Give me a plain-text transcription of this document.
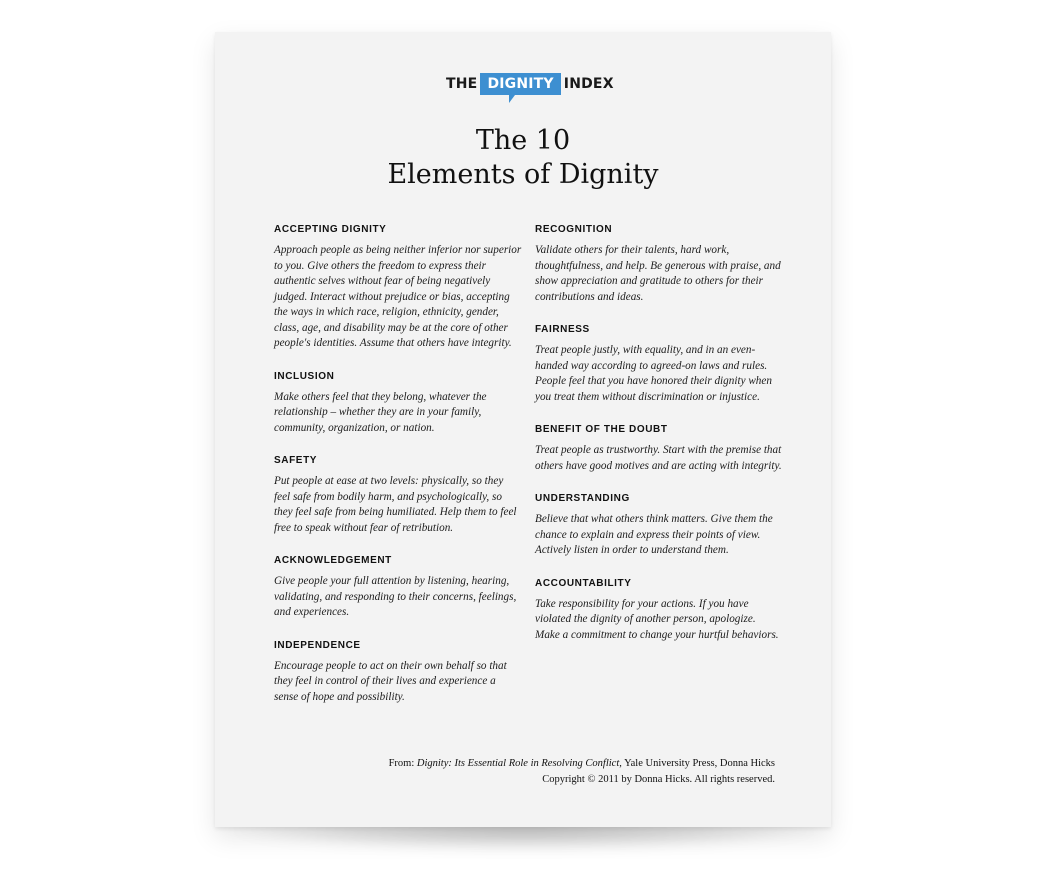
THE DIGNITY INDEX
The 10
Elements of Dignity
ACCEPTING DIGNITY

Approach people as being neither inferior nor superior to you. Give others the freedom to express their authentic selves without fear of being negatively judged. Interact without prejudice or bias, accepting the ways in which race, religion, ethnicity, gender, class, age, and disability may be at the core of other people's identities. Assume that others have integrity.

INCLUSION

Make others feel that they belong, whatever the relationship – whether they are in your family, community, organization, or nation.

SAFETY

Put people at ease at two levels: physically, so they feel safe from bodily harm, and psychologically, so they feel safe from being humiliated. Help them to feel free to speak without fear of retribution.

ACKNOWLEDGEMENT

Give people your full attention by listening, hearing, validating, and responding to their concerns, feelings, and experiences.

INDEPENDENCE

Encourage people to act on their own behalf so that they feel in control of their lives and experience a sense of hope and possibility.

RECOGNITION

Validate others for their talents, hard work, thoughtfulness, and help. Be generous with praise, and show appreciation and gratitude to others for their contributions and ideas.

FAIRNESS

Treat people justly, with equality, and in an even-handed way according to agreed-on laws and rules. People feel that you have honored their dignity when you treat them without discrimination or injustice.

BENEFIT OF THE DOUBT

Treat people as trustworthy. Start with the premise that others have good motives and are acting with integrity.

UNDERSTANDING

Believe that what others think matters. Give them the chance to explain and express their points of view. Actively listen in order to understand them.

ACCOUNTABILITY

Take responsibility for your actions. If you have violated the dignity of another person, apologize. Make a commitment to change your hurtful behaviors.

From: Dignity: Its Essential Role in Resolving Conflict, Yale University Press, Donna Hicks
Copyright © 2011 by Donna Hicks. All rights reserved.
